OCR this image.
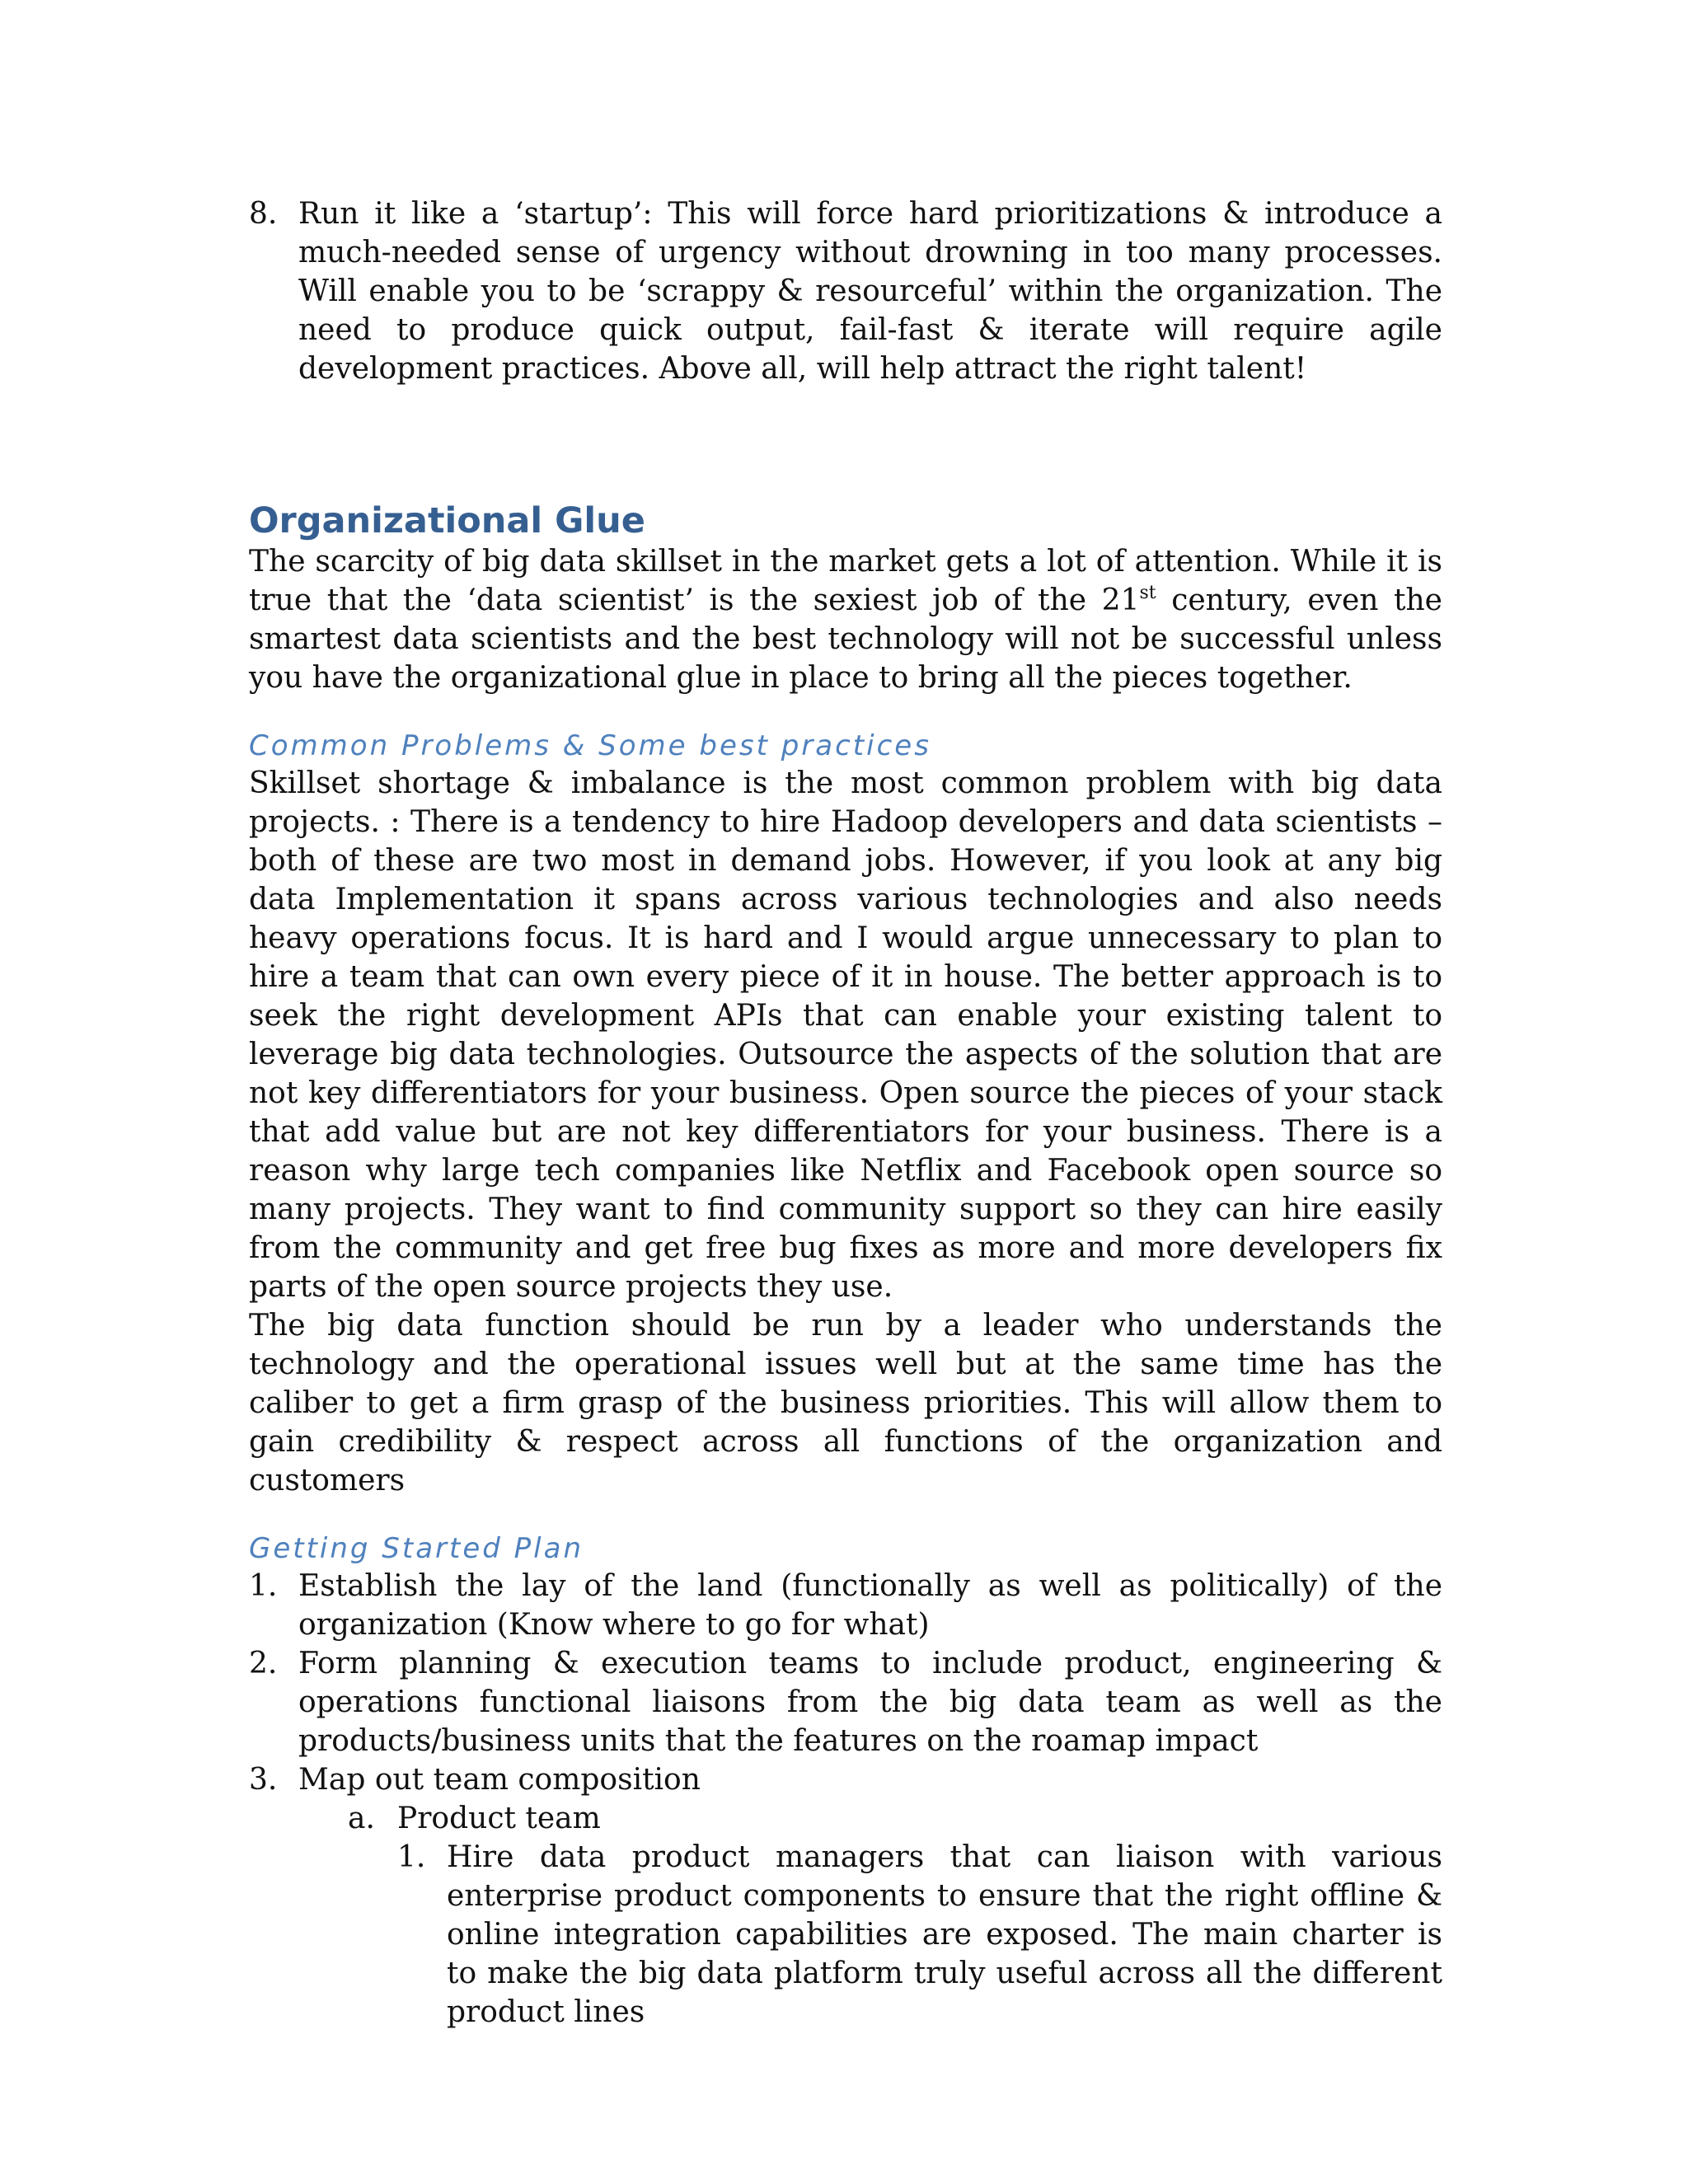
8. Run it like a ‘startup’: This will force hard prioritizations & introduce a much-needed sense of urgency without drowning in too many processes. Will enable you to be ‘scrappy & resourceful’ within the organization. The need to produce quick output, fail-fast & iterate will require agile development practices. Above all, will help attract the right talent!

Organizational Glue

The scarcity of big data skillset in the market gets a lot of attention. While it is true that the ‘data scientist’ is the sexiest job of the 21st century, even the smartest data scientists and the best technology will not be successful unless you have the organizational glue in place to bring all the pieces together.

Common Problems & Some best practices

Skillset shortage & imbalance is the most common problem with big data projects. : There is a tendency to hire Hadoop developers and data scientists – both of these are two most in demand jobs. However, if you look at any big data Implementation it spans across various technologies and also needs heavy operations focus. It is hard and I would argue unnecessary to plan to hire a team that can own every piece of it in house. The better approach is to seek the right development APIs that can enable your existing talent to leverage big data technologies. Outsource the aspects of the solution that are not key differentiators for your business. Open source the pieces of your stack that add value but are not key differentiators for your business. There is a reason why large tech companies like Netflix and Facebook open source so many projects. They want to find community support so they can hire easily from the community and get free bug fixes as more and more developers fix parts of the open source projects they use.

The big data function should be run by a leader who understands the technology and the operational issues well but at the same time has the caliber to get a firm grasp of the business priorities. This will allow them to gain credibility & respect across all functions of the organization and customers

Getting Started Plan
1. Establish the lay of the land (functionally as well as politically) of the organization (Know where to go for what)

2. Form planning & execution teams to include product, engineering & operations functional liaisons from the big data team as well as the products/business units that the features on the roamap impact

3. Map out team composition

a. Product team

1. Hire data product managers that can liaison with various enterprise product components to ensure that the right offline & online integration capabilities are exposed. The main charter is to make the big data platform truly useful across all the different product lines
